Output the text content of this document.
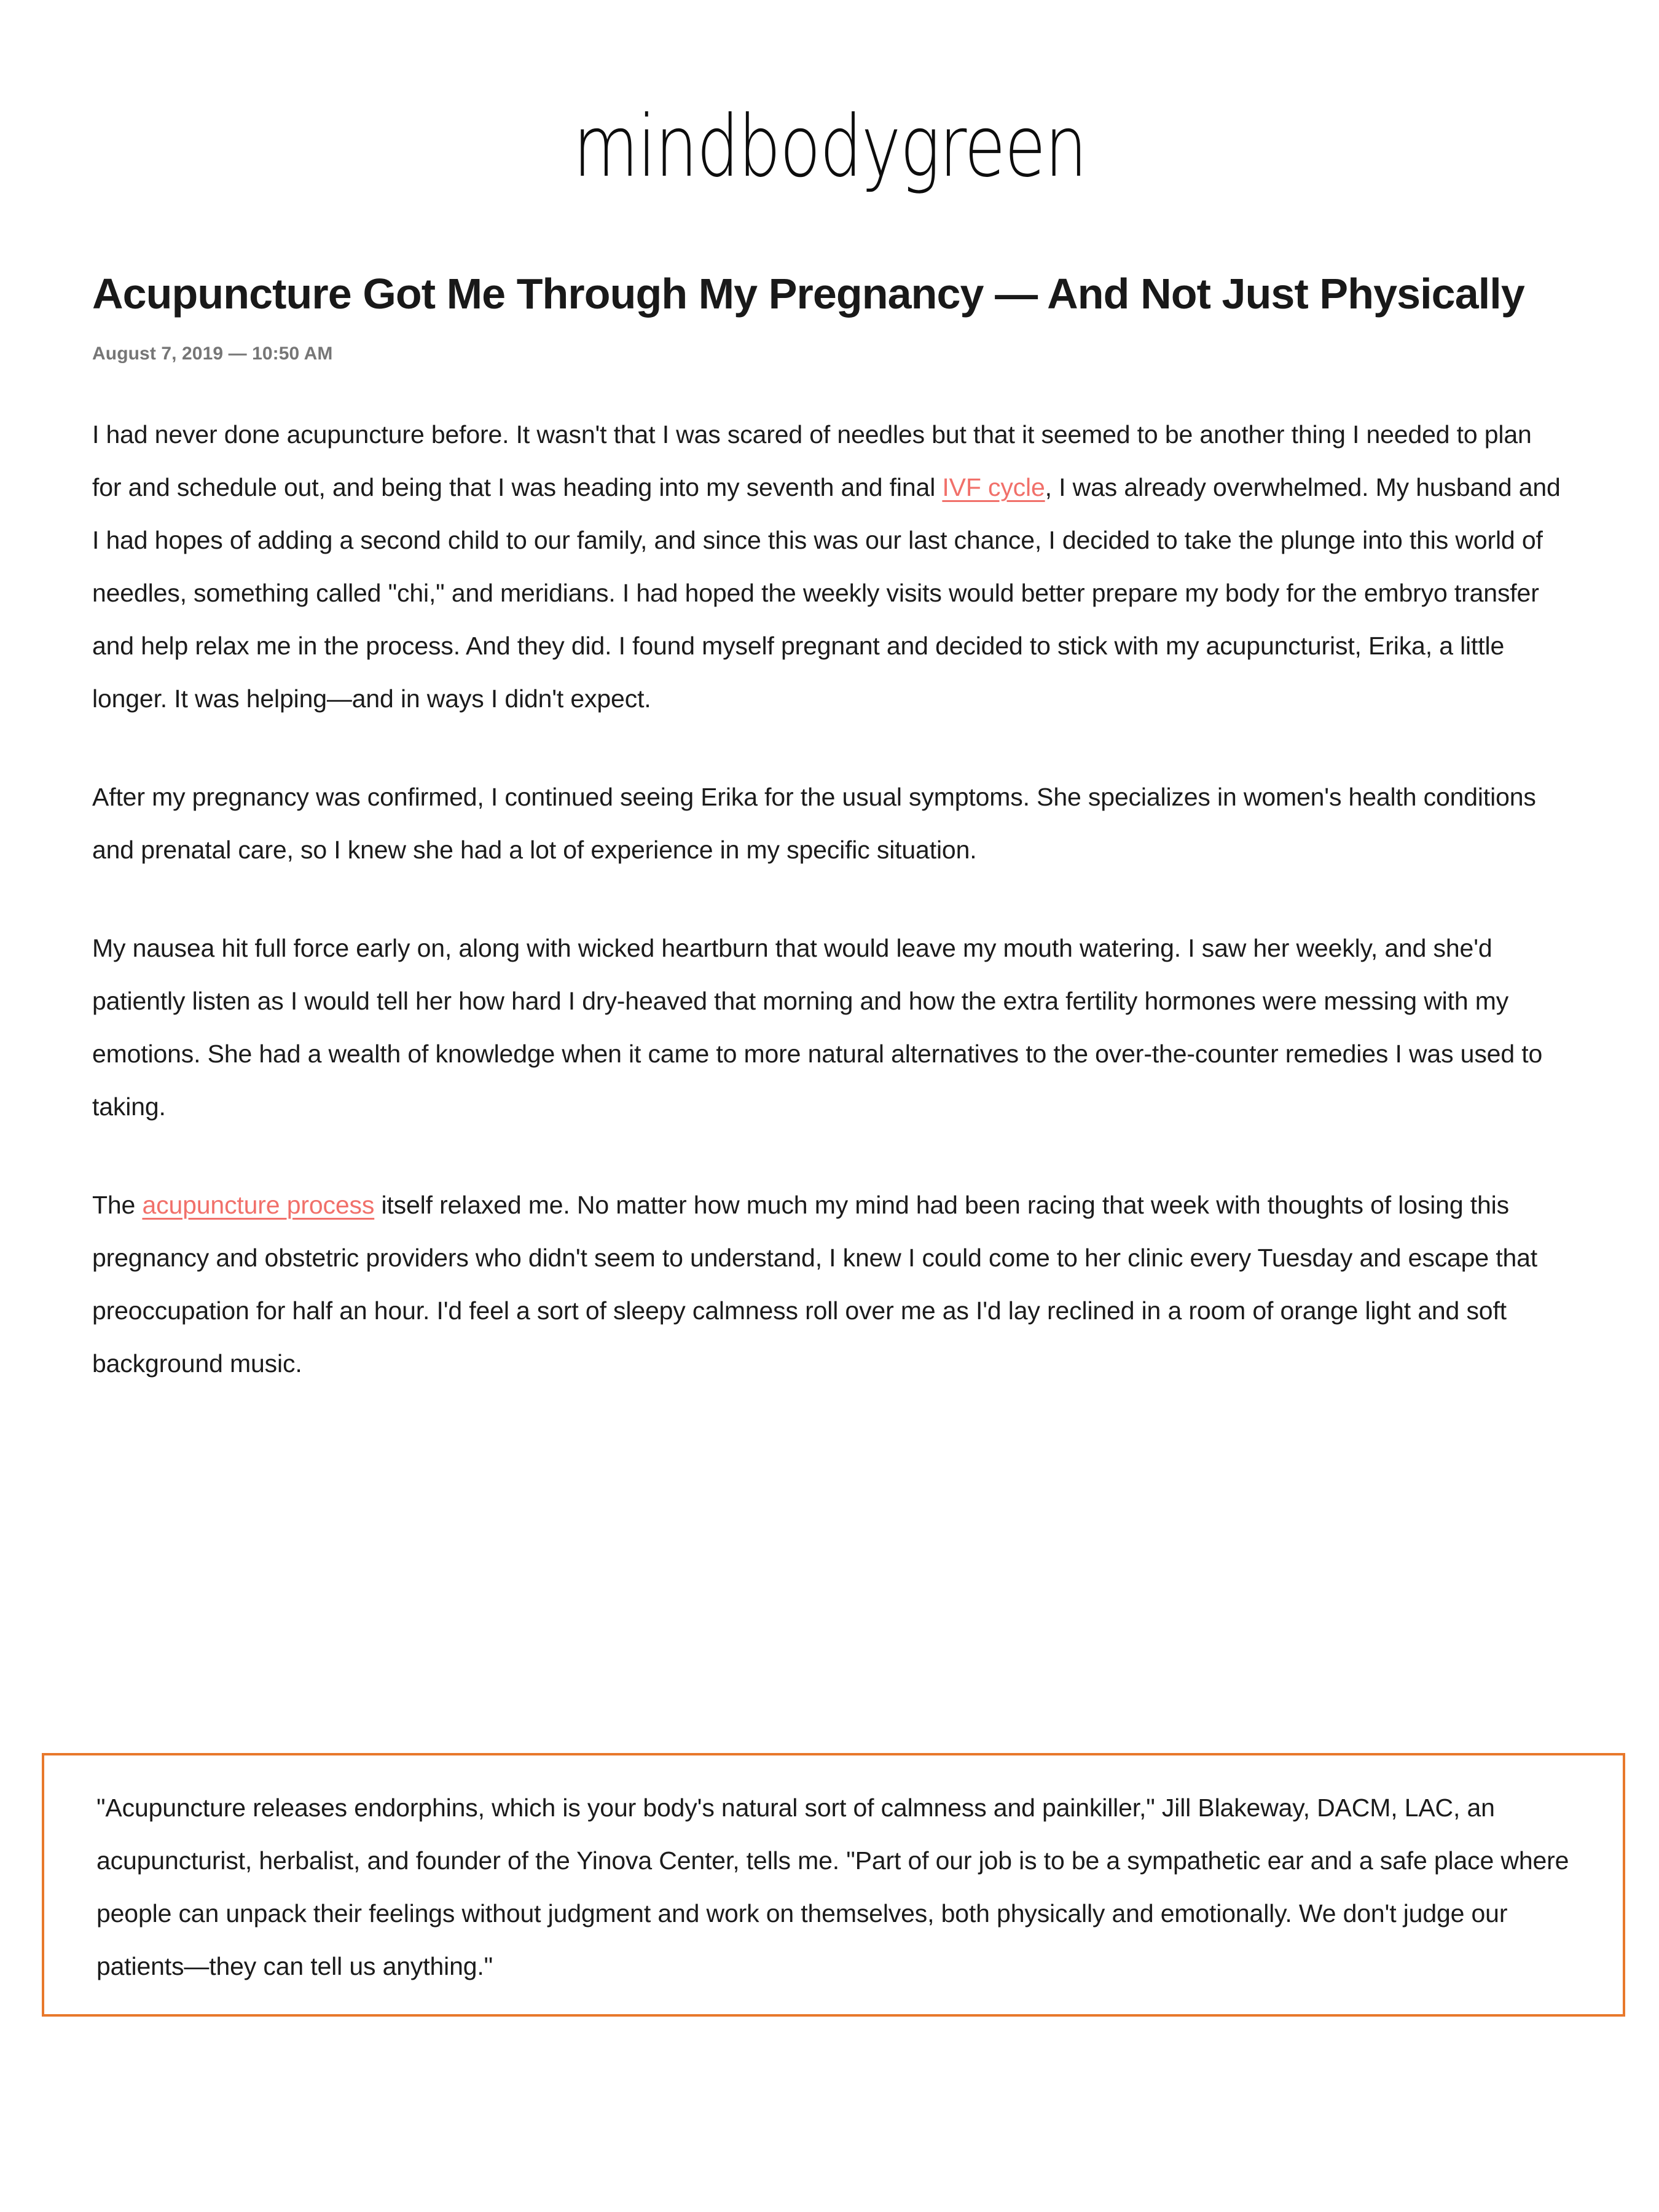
mindbodygreen
Acupuncture Got Me Through My Pregnancy — And Not Just Physically
August 7, 2019 — 10:50 AM

I had never done acupuncture before. It wasn't that I was scared of needles but that it seemed to be another thing I needed to plan for and schedule out, and being that I was heading into my seventh and final IVF cycle, I was already overwhelmed. My husband and I had hopes of adding a second child to our family, and since this was our last chance, I decided to take the plunge into this world of needles, something called "chi," and meridians. I had hoped the weekly visits would better prepare my body for the embryo transfer and help relax me in the process. And they did. I found myself pregnant and decided to stick with my acupuncturist, Erika, a little longer. It was helping—and in ways I didn't expect.

After my pregnancy was confirmed, I continued seeing Erika for the usual symptoms. She specializes in women's health conditions and prenatal care, so I knew she had a lot of experience in my specific situation.

My nausea hit full force early on, along with wicked heartburn that would leave my mouth watering. I saw her weekly, and she'd patiently listen as I would tell her how hard I dry-heaved that morning and how the extra fertility hormones were messing with my emotions. She had a wealth of knowledge when it came to more natural alternatives to the over-the-counter remedies I was used to taking.

The acupuncture process itself relaxed me. No matter how much my mind had been racing that week with thoughts of losing this pregnancy and obstetric providers who didn't seem to understand, I knew I could come to her clinic every Tuesday and escape that preoccupation for half an hour. I'd feel a sort of sleepy calmness roll over me as I'd lay reclined in a room of orange light and soft background music.

"Acupuncture releases endorphins, which is your body's natural sort of calmness and painkiller," Jill Blakeway, DACM, LAC, an acupuncturist, herbalist, and founder of the Yinova Center, tells me. "Part of our job is to be a sympathetic ear and a safe place where people can unpack their feelings without judgment and work on themselves, both physically and emotionally. We don't judge our patients—they can tell us anything."
